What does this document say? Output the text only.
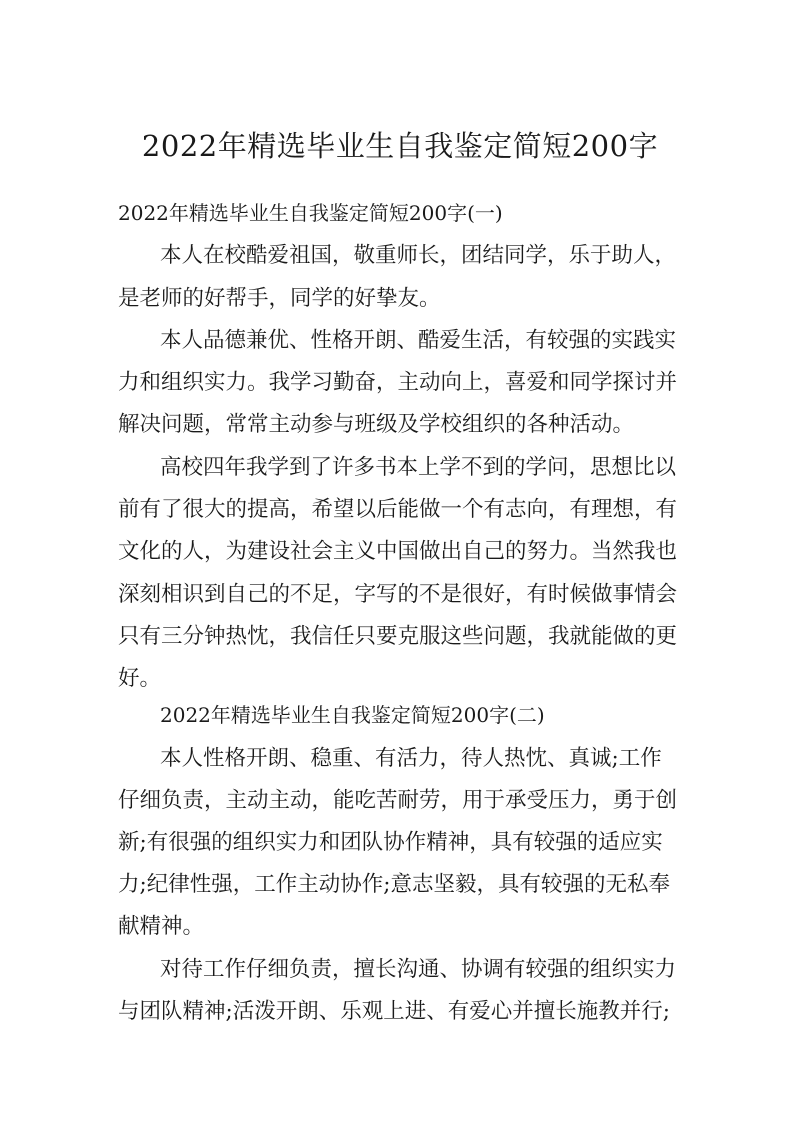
2022年精选毕业生自我鉴定简短200字
2022年精选毕业生自我鉴定简短200字(一)
本人在校酷爱祖国，敬重师长，团结同学，乐于助人，
是老师的好帮手，同学的好挚友。
本人品德兼优、性格开朗、酷爱生活，有较强的实践实
力和组织实力。我学习勤奋，主动向上，喜爱和同学探讨并
解决问题，常常主动参与班级及学校组织的各种活动。
高校四年我学到了许多书本上学不到的学问，思想比以
前有了很大的提高，希望以后能做一个有志向，有理想，有
文化的人，为建设社会主义中国做出自己的努力。当然我也
深刻相识到自己的不足，字写的不是很好，有时候做事情会
只有三分钟热忱，我信任只要克服这些问题，我就能做的更
好。
2022年精选毕业生自我鉴定简短200字(二)
本人性格开朗、稳重、有活力，待人热忱、真诚;工作
仔细负责，主动主动，能吃苦耐劳，用于承受压力，勇于创
新;有很强的组织实力和团队协作精神，具有较强的适应实
力;纪律性强，工作主动协作;意志坚毅，具有较强的无私奉
献精神。
对待工作仔细负责，擅长沟通、协调有较强的组织实力
与团队精神;活泼开朗、乐观上进、有爱心并擅长施教并行;
